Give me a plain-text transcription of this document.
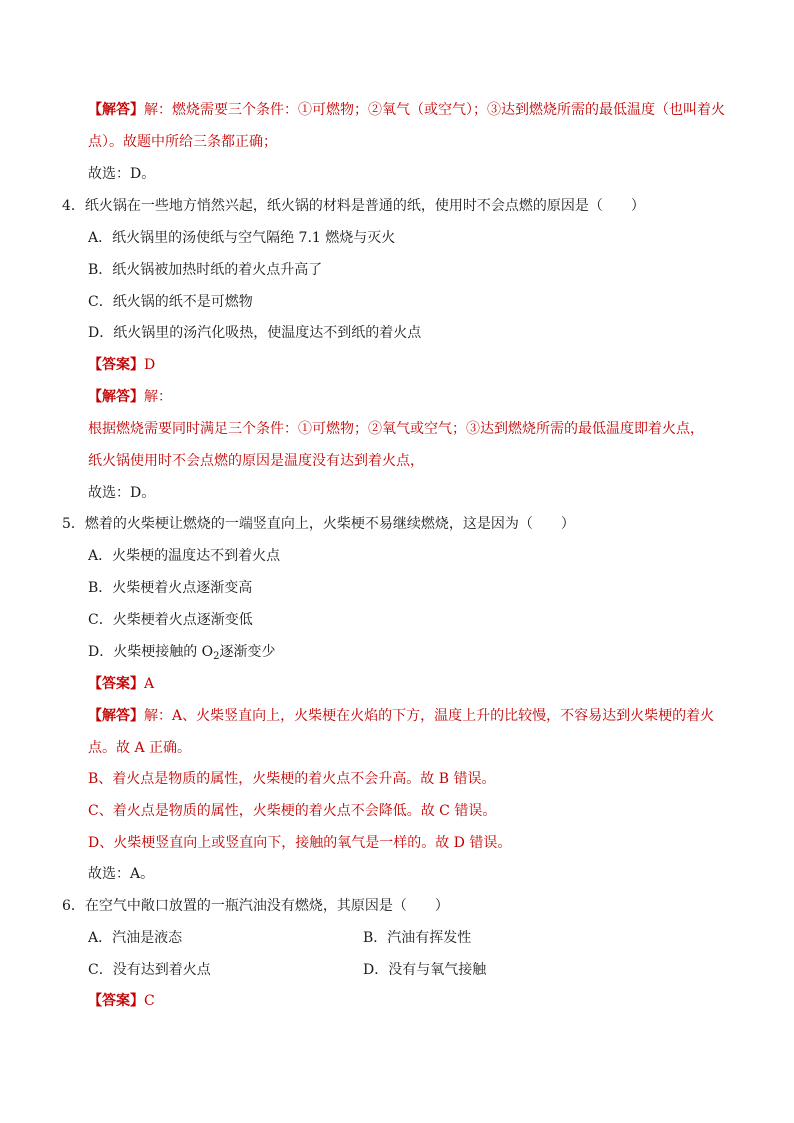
【解答】解：燃烧需要三个条件：①可燃物；②氧气（或空气）；③达到燃烧所需的最低温度（也叫着火
点）。故题中所给三条都正确；
故选：D。
4．纸火锅在一些地方悄然兴起，纸火锅的材料是普通的纸，使用时不会点燃的原因是（　　）
A．纸火锅里的汤使纸与空气隔绝 7.1 燃烧与灭火
B．纸火锅被加热时纸的着火点升高了
C．纸火锅的纸不是可燃物
D．纸火锅里的汤汽化吸热，使温度达不到纸的着火点
【答案】D
【解答】解：
根据燃烧需要同时满足三个条件：①可燃物；②氧气或空气；③达到燃烧所需的最低温度即着火点，
纸火锅使用时不会点燃的原因是温度没有达到着火点，
故选：D。
5．燃着的火柴梗让燃烧的一端竖直向上，火柴梗不易继续燃烧，这是因为（　　）
A．火柴梗的温度达不到着火点
B．火柴梗着火点逐渐变高
C．火柴梗着火点逐渐变低
D．火柴梗接触的 $O_2$逐渐变少
【答案】A
【解答】解：A、火柴竖直向上，火柴梗在火焰的下方，温度上升的比较慢，不容易达到火柴梗的着火
点。故 A 正确。
B、着火点是物质的属性，火柴梗的着火点不会升高。故 B 错误。
C、着火点是物质的属性，火柴梗的着火点不会降低。故 C 错误。
D、火柴梗竖直向上或竖直向下，接触的氧气是一样的。故 D 错误。
故选：A。
6．在空气中敞口放置的一瓶汽油没有燃烧，其原因是（　　）
A．汽油是液态	B．汽油有挥发性
C．没有达到着火点	D．没有与氧气接触
【答案】C
